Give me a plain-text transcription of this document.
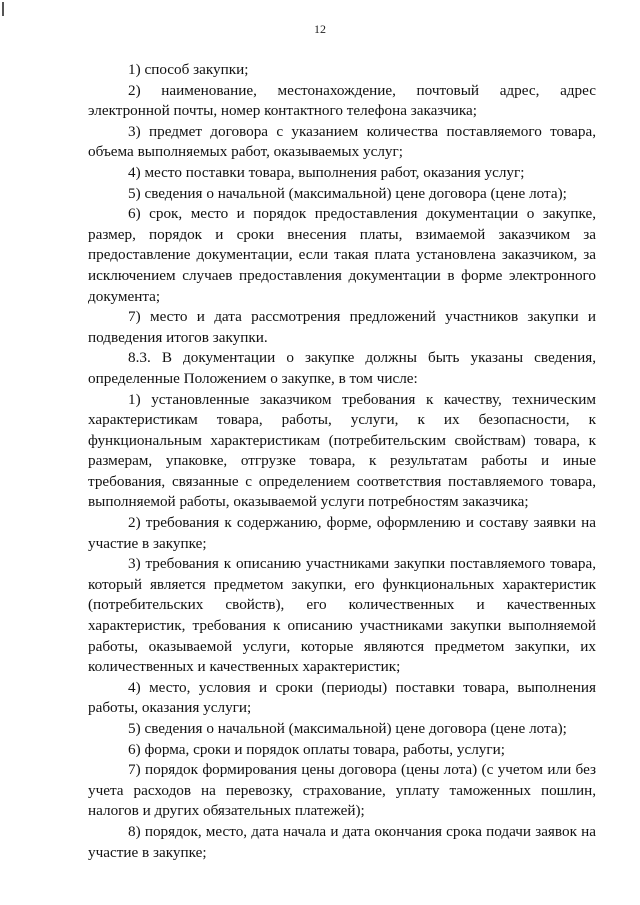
12

1) способ закупки;

2) наименование, местонахождение, почтовый адрес, адрес электронной почты, номер контактного телефона заказчика;

3) предмет договора с указанием количества поставляемого товара, объема выполняемых работ, оказываемых услуг;

4) место поставки товара, выполнения работ, оказания услуг;

5) сведения о начальной (максимальной) цене договора (цене лота);

6) срок, место и порядок предоставления документации о закупке, размер, порядок и сроки внесения платы, взимаемой заказчиком за предоставление документации, если такая плата установлена заказчиком, за исключением случаев предоставления документации в форме электронного документа;

7) место и дата рассмотрения предложений участников закупки и подведения итогов закупки.

8.3. В документации о закупке должны быть указаны сведения, определенные Положением о закупке, в том числе:

1) установленные заказчиком требования к качеству, техническим характеристикам товара, работы, услуги, к их безопасности, к функциональным характеристикам (потребительским свойствам) товара, к размерам, упаковке, отгрузке товара, к результатам работы и иные требования, связанные с определением соответствия поставляемого товара, выполняемой работы, оказываемой услуги потребностям заказчика;

2) требования к содержанию, форме, оформлению и составу заявки на участие в закупке;

3) требования к описанию участниками закупки поставляемого товара, который является предметом закупки, его функциональных характеристик (потребительских свойств), его количественных и качественных характеристик, требования к описанию участниками закупки выполняемой работы, оказываемой услуги, которые являются предметом закупки, их количественных и качественных характеристик;

4) место, условия и сроки (периоды) поставки товара, выполнения работы, оказания услуги;

5) сведения о начальной (максимальной) цене договора (цене лота);

6) форма, сроки и порядок оплаты товара, работы, услуги;

7) порядок формирования цены договора (цены лота) (с учетом или без учета расходов на перевозку, страхование, уплату таможенных пошлин, налогов и других обязательных платежей);

8) порядок, место, дата начала и дата окончания срока подачи заявок на участие в закупке;
